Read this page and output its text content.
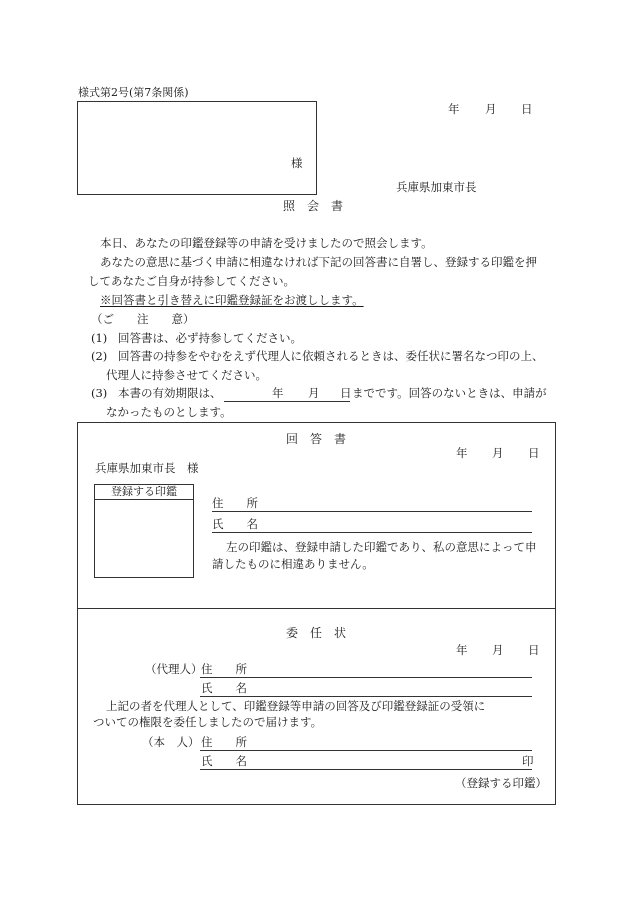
様式第2号(第7条関係)
年 月 日
様
兵庫県加東市長
照　会　書
本日、あなたの印鑑登録等の申請を受けましたので照会します。
あなたの意思に基づく申請に相違なければ下記の回答書に自署し、登録する印鑑を押
してあなたご自身が持参してください。
※回答書と引き替えに印鑑登録証をお渡しします。
（ご　　注　　意）
(1) 回答書は、必ず持参してください。
(2) 回答書の持参をやむをえず代理人に依頼されるときは、委任状に署名なつ印の上、
代理人に持参させてください。
(3) 本書の有効期限は、	年 月 日 までです。回答のないときは、申請が
なかったものとします。
回　答　書
年 月 日
兵庫県加東市長　様
登録する印鑑
住　　所
氏　　名
左の印鑑は、登録申請した印鑑であり、私の意思によって申
請したものに相違ありません。
委　任　状
年 月 日
（代理人）
住　　所
氏　　名
上記の者を代理人として、印鑑登録等申請の回答及び印鑑登録証の受領に
ついての権限を委任しましたので届けます。
（本　人） 住　　所
氏　　名	印
（登録する印鑑）
